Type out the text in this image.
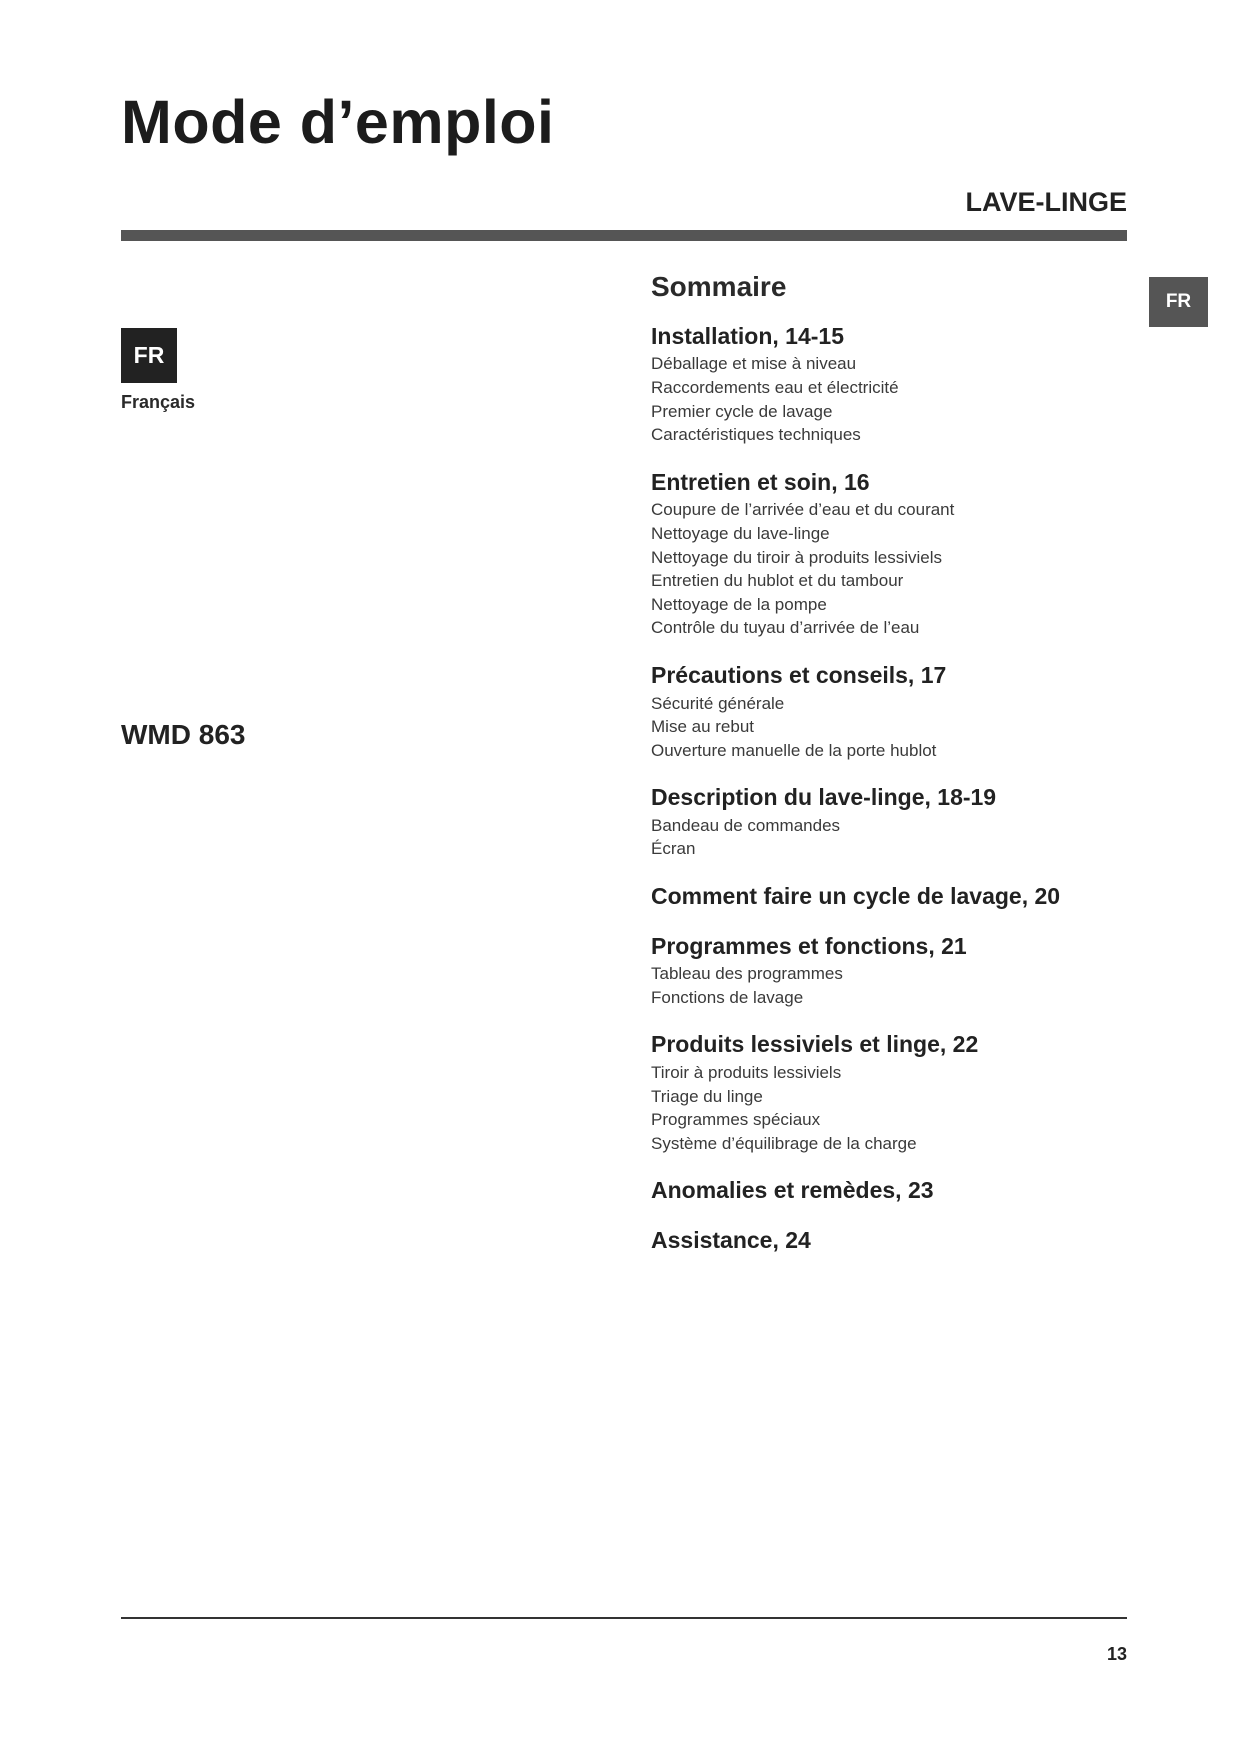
Mode d’emploi
LAVE-LINGE
FR
FR
Français
WMD 863
Sommaire
Installation, 14-15
Déballage et mise à niveau
Raccordements eau et électricité
Premier cycle de lavage
Caractéristiques techniques
Entretien et soin, 16
Coupure de l’arrivée d’eau et du courant
Nettoyage du lave-linge
Nettoyage du tiroir à produits lessiviels
Entretien du hublot et du tambour
Nettoyage de la pompe
Contrôle du tuyau d’arrivée de l’eau
Précautions et conseils, 17
Sécurité générale
Mise au rebut
Ouverture manuelle de la porte hublot
Description du lave-linge, 18-19
Bandeau de commandes
Écran
Comment faire un cycle de lavage, 20
Programmes et fonctions, 21
Tableau des programmes
Fonctions de lavage
Produits lessiviels et linge, 22
Tiroir à produits lessiviels
Triage du linge
Programmes spéciaux
Système d’équilibrage de la charge
Anomalies et remèdes, 23
Assistance, 24
13
